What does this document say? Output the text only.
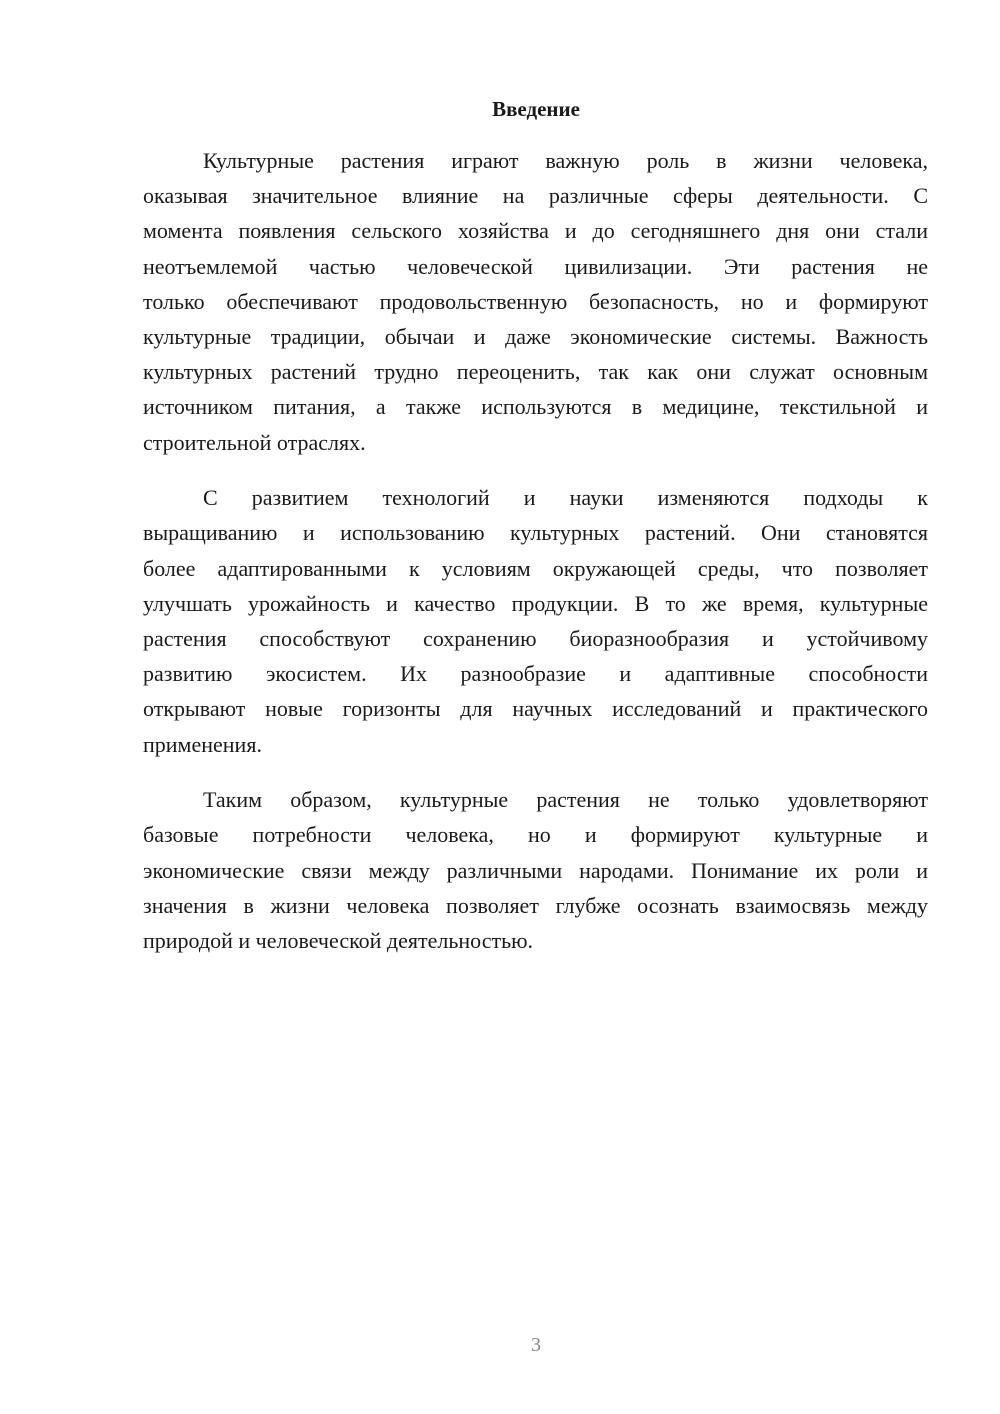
Введение
Культурные растения играют важную роль в жизни человека,
оказывая значительное влияние на различные сферы деятельности. С
момента появления сельского хозяйства и до сегодняшнего дня они стали
неотъемлемой частью человеческой цивилизации. Эти растения не
только обеспечивают продовольственную безопасность, но и формируют
культурные традиции, обычаи и даже экономические системы. Важность
культурных растений трудно переоценить, так как они служат основным
источником питания, а также используются в медицине, текстильной и
строительной отраслях.
С развитием технологий и науки изменяются подходы к
выращиванию и использованию культурных растений. Они становятся
более адаптированными к условиям окружающей среды, что позволяет
улучшать урожайность и качество продукции. В то же время, культурные
растения способствуют сохранению биоразнообразия и устойчивому
развитию экосистем. Их разнообразие и адаптивные способности
открывают новые горизонты для научных исследований и практического
применения.
Таким образом, культурные растения не только удовлетворяют
базовые потребности человека, но и формируют культурные и
экономические связи между различными народами. Понимание их роли и
значения в жизни человека позволяет глубже осознать взаимосвязь между
природой и человеческой деятельностью.
3
